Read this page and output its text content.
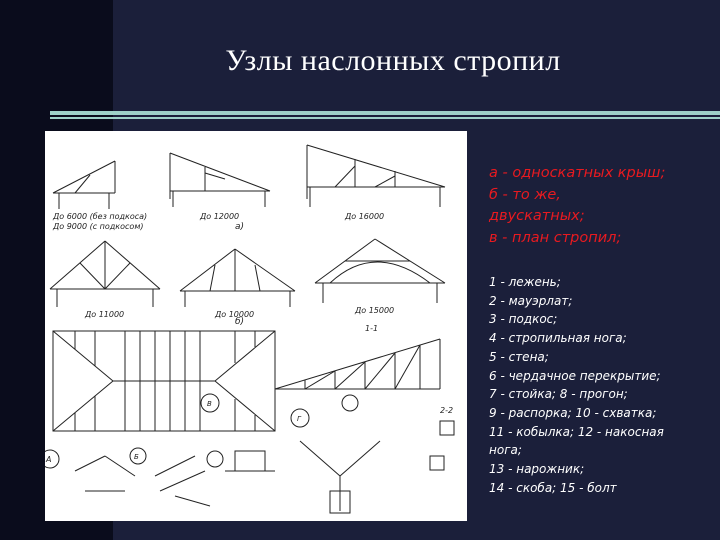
Узлы наслонных стропил
До 6000 (без подкоса)
До 9000 (с подкосом)
До 12000	До 16000
а)
До 11000	До 10000	До 15000
б)
1-1
2-2
В
Г
А	Б
а - односкатных крыш;
б - то же,
двускатных;
в - план стропил;
1 - лежень;
2 - мауэрлат;
3 - подкос;
4 - стропильная нога;
5 - стена;
6 - чердачное перекрытие;
7 - стойка; 8 - прогон;
9 - распорка; 10 - схватка;
11 - кобылка; 12 - накосная
нога;
13 - нарожник;
14 - скоба; 15 - болт
